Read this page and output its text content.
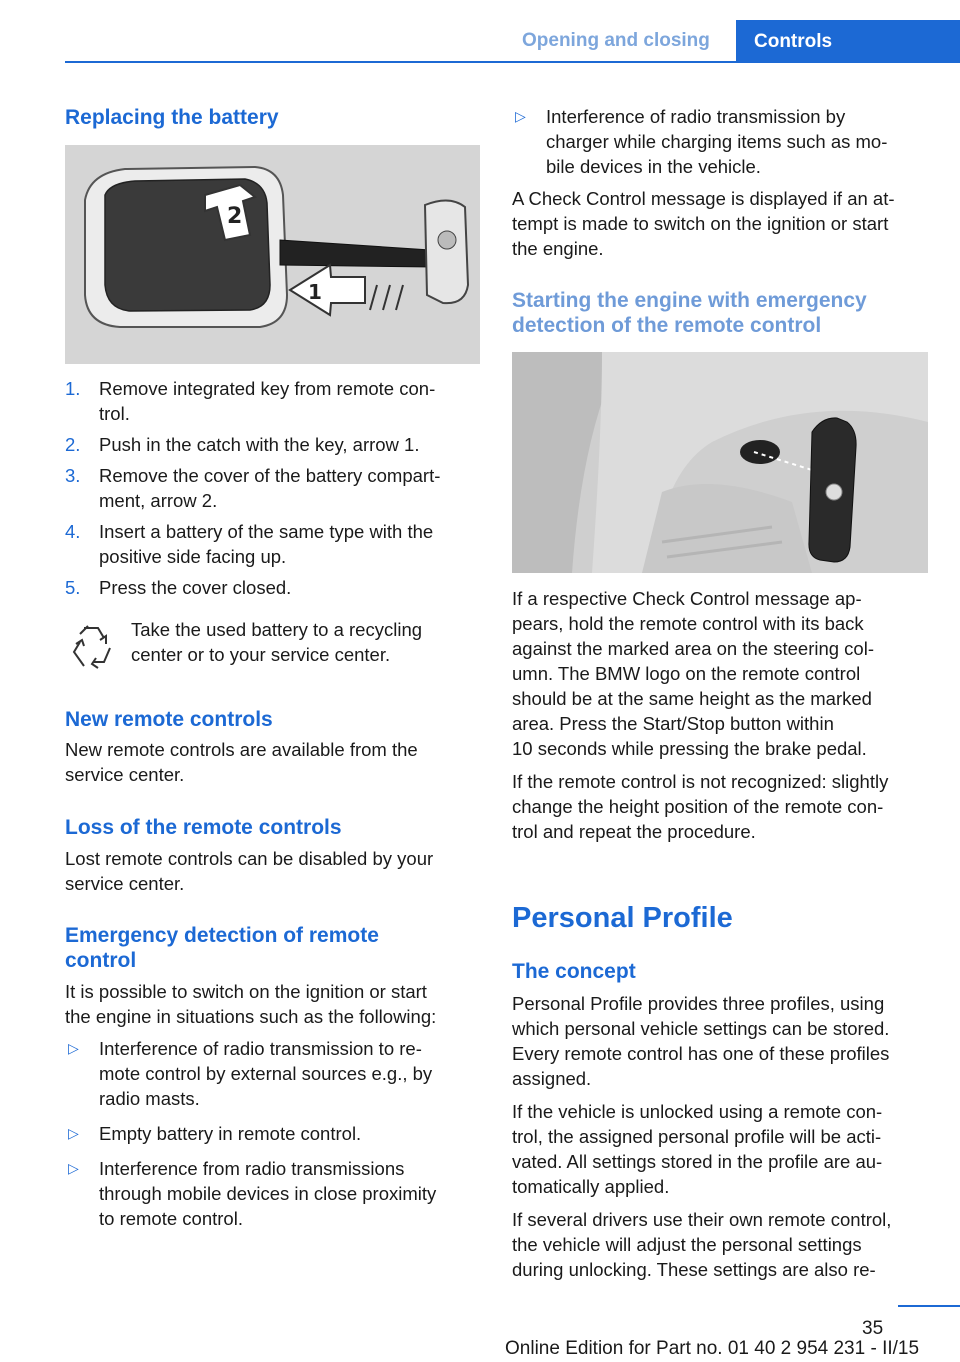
Opening and closing Controls
Replacing the battery
2
1
1. Remove integrated key from remote con-
trol.
2. Push in the catch with the key, arrow 1.
3. Remove the cover of the battery compart-
ment, arrow 2.
4. Insert a battery of the same type with the
positive side facing up.
5. Press the cover closed.
Take the used battery to a recycling
center or to your service center.
New remote controls
New remote controls are available from the
service center.
Loss of the remote controls
Lost remote controls can be disabled by your
service center.
Emergency detection of remote
control
It is possible to switch on the ignition or start
the engine in situations such as the following:
▷ Interference of radio transmission to re-
mote control by external sources e.g., by
radio masts.
▷ Empty battery in remote control.
▷ Interference from radio transmissions
through mobile devices in close proximity
to remote control.
▷ Interference of radio transmission by
charger while charging items such as mo-
bile devices in the vehicle.
A Check Control message is displayed if an at-
tempt is made to switch on the ignition or start
the engine.
Starting the engine with emergency
detection of the remote control
If a respective Check Control message ap-
pears, hold the remote control with its back
against the marked area on the steering col-
umn. The BMW logo on the remote control
should be at the same height as the marked
area. Press the Start/Stop button within
10 seconds while pressing the brake pedal.
If the remote control is not recognized: slightly
change the height position of the remote con-
trol and repeat the procedure.
Personal Profile
The concept
Personal Profile provides three profiles, using
which personal vehicle settings can be stored.
Every remote control has one of these profiles
assigned.
If the vehicle is unlocked using a remote con-
trol, the assigned personal profile will be acti-
vated. All settings stored in the profile are au-
tomatically applied.
If several drivers use their own remote control,
the vehicle will adjust the personal settings
during unlocking. These settings are also re-
35
Online Edition for Part no. 01 40 2 954 231 - II/15
